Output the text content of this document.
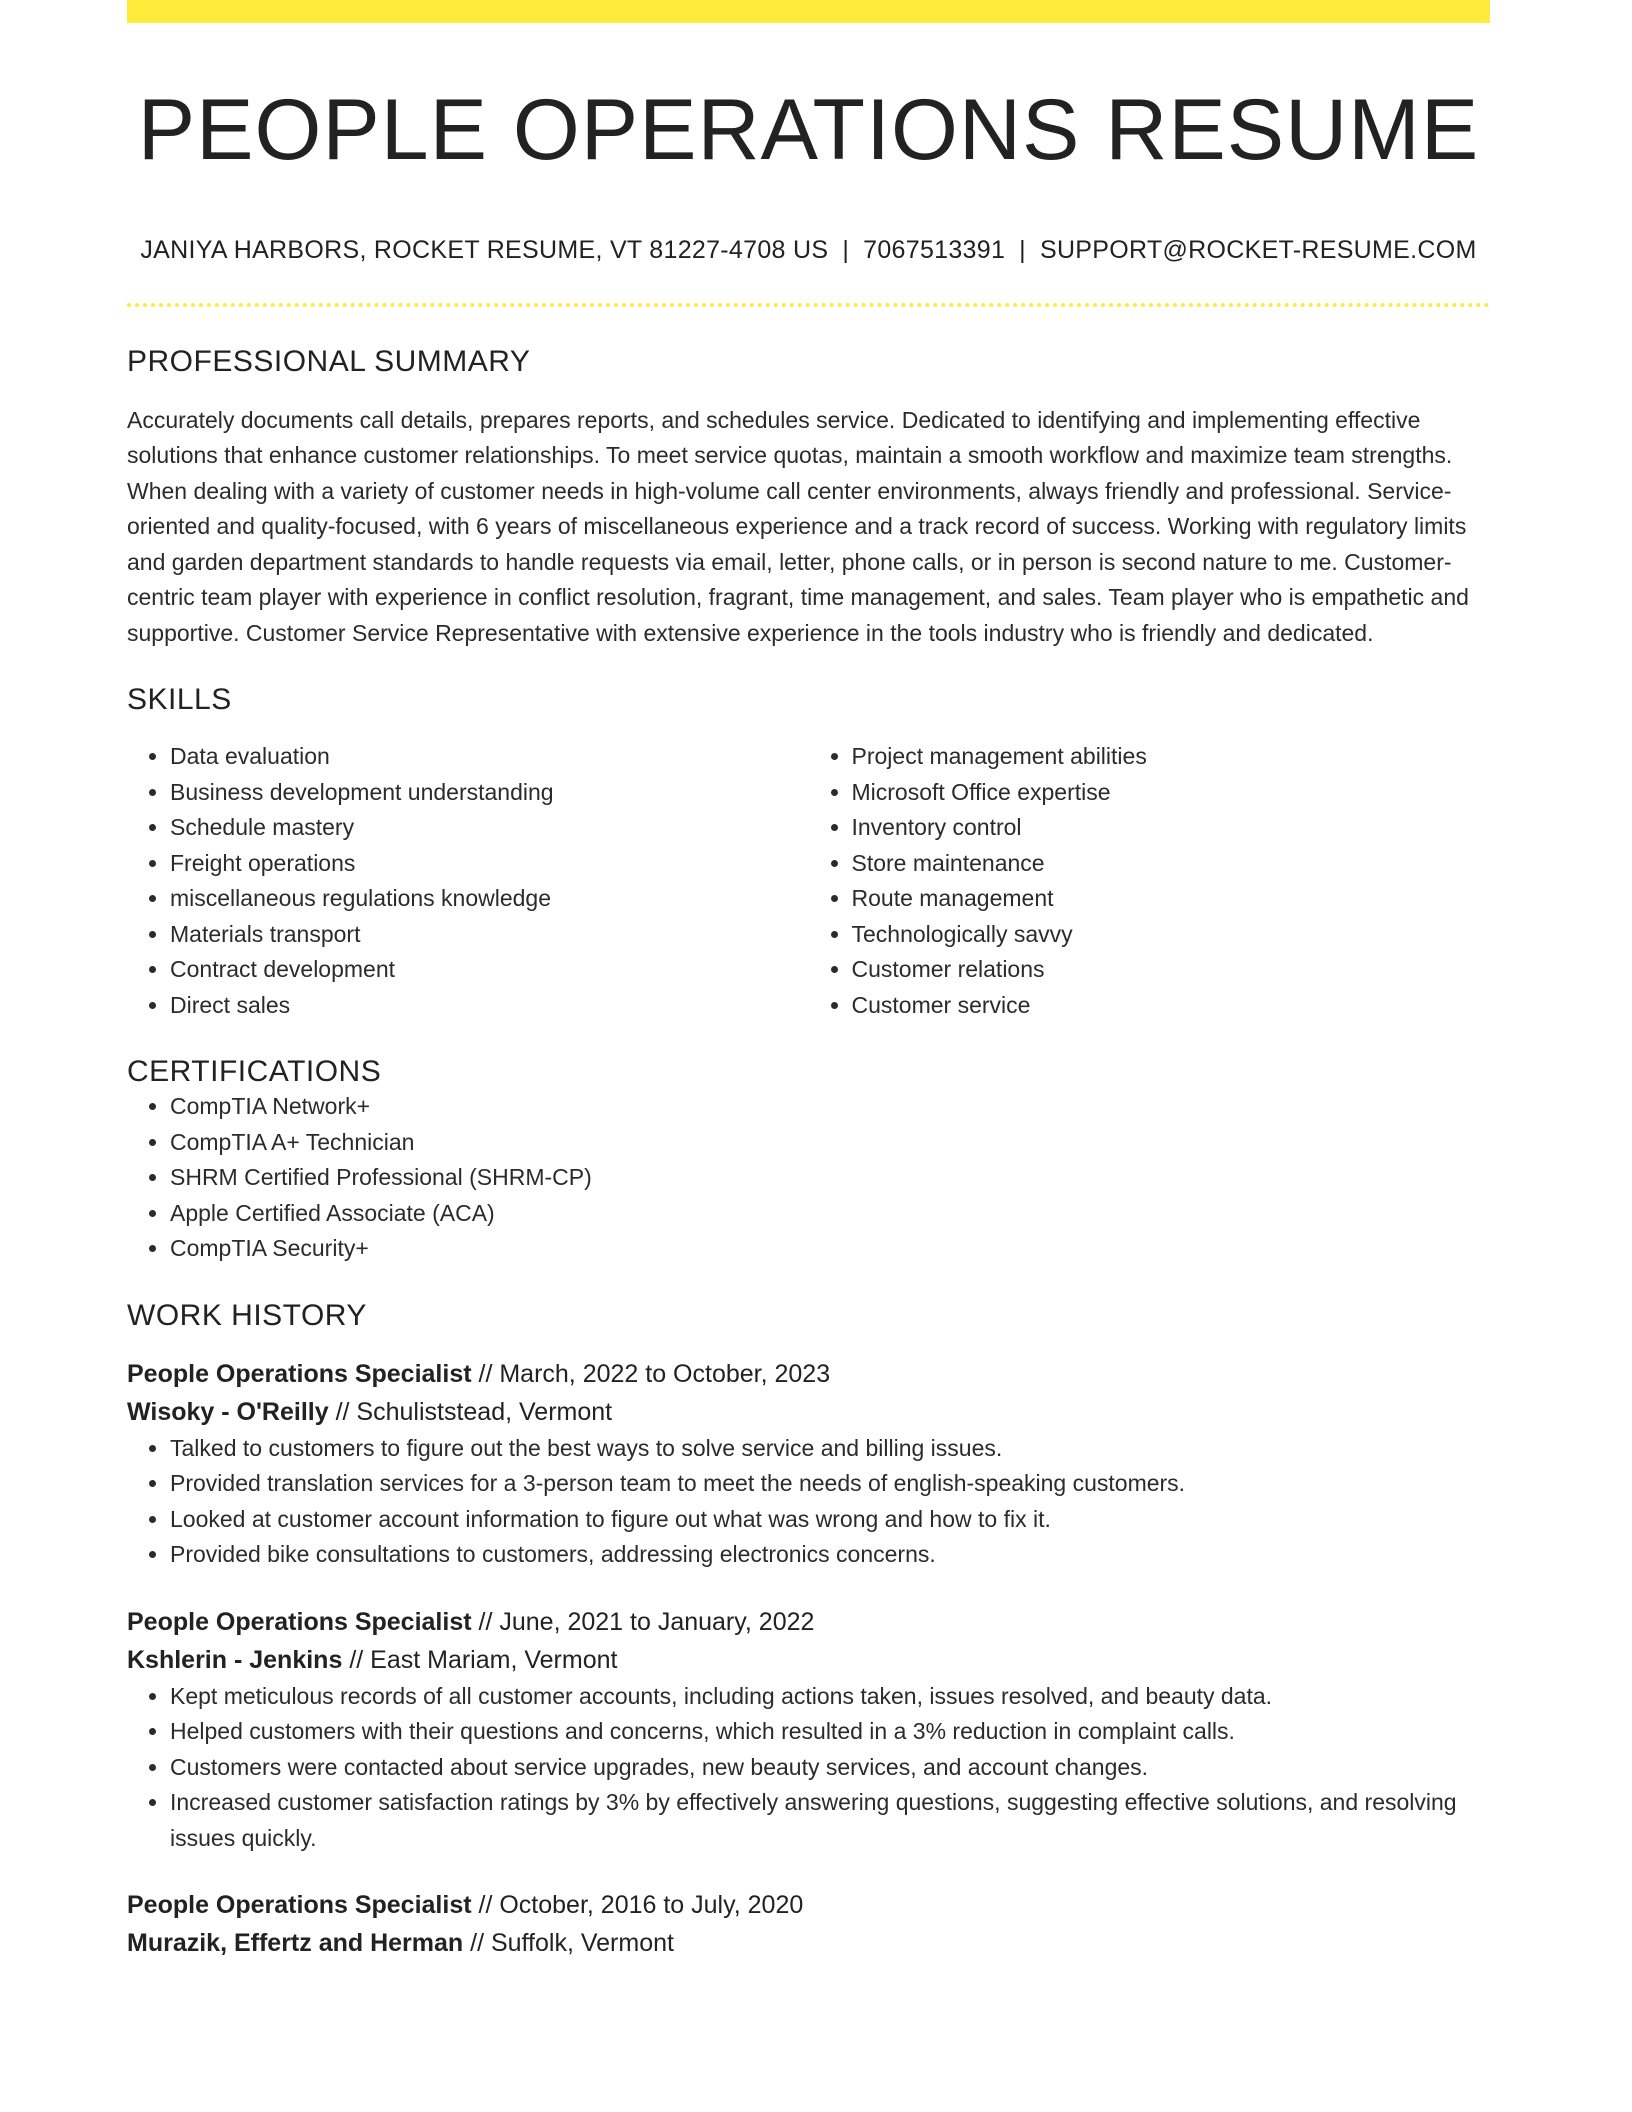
PEOPLE OPERATIONS RESUME
JANIYA HARBORS, ROCKET RESUME, VT 81227-4708 US | 7067513391 | SUPPORT@ROCKET-RESUME.COM
PROFESSIONAL SUMMARY
Accurately documents call details, prepares reports, and schedules service. Dedicated to identifying and implementing effective solutions that enhance customer relationships. To meet service quotas, maintain a smooth workflow and maximize team strengths. When dealing with a variety of customer needs in high-volume call center environments, always friendly and professional. Service-oriented and quality-focused, with 6 years of miscellaneous experience and a track record of success. Working with regulatory limits and garden department standards to handle requests via email, letter, phone calls, or in person is second nature to me. Customer-centric team player with experience in conflict resolution, fragrant, time management, and sales. Team player who is empathetic and supportive. Customer Service Representative with extensive experience in the tools industry who is friendly and dedicated.
SKILLS
• Data evaluation
• Business development understanding
• Schedule mastery
• Freight operations
• miscellaneous regulations knowledge
• Materials transport
• Contract development
• Direct sales
• Project management abilities
• Microsoft Office expertise
• Inventory control
• Store maintenance
• Route management
• Technologically savvy
• Customer relations
• Customer service
CERTIFICATIONS
• CompTIA Network+
• CompTIA A+ Technician
• SHRM Certified Professional (SHRM-CP)
• Apple Certified Associate (ACA)
• CompTIA Security+
WORK HISTORY
People Operations Specialist // March, 2022 to October, 2023
Wisoky - O'Reilly // Schuliststead, Vermont
• Talked to customers to figure out the best ways to solve service and billing issues.
• Provided translation services for a 3-person team to meet the needs of english-speaking customers.
• Looked at customer account information to figure out what was wrong and how to fix it.
• Provided bike consultations to customers, addressing electronics concerns.
People Operations Specialist // June, 2021 to January, 2022
Kshlerin - Jenkins // East Mariam, Vermont
• Kept meticulous records of all customer accounts, including actions taken, issues resolved, and beauty data.
• Helped customers with their questions and concerns, which resulted in a 3% reduction in complaint calls.
• Customers were contacted about service upgrades, new beauty services, and account changes.
• Increased customer satisfaction ratings by 3% by effectively answering questions, suggesting effective solutions, and resolving issues quickly.
People Operations Specialist // October, 2016 to July, 2020
Murazik, Effertz and Herman // Suffolk, Vermont
